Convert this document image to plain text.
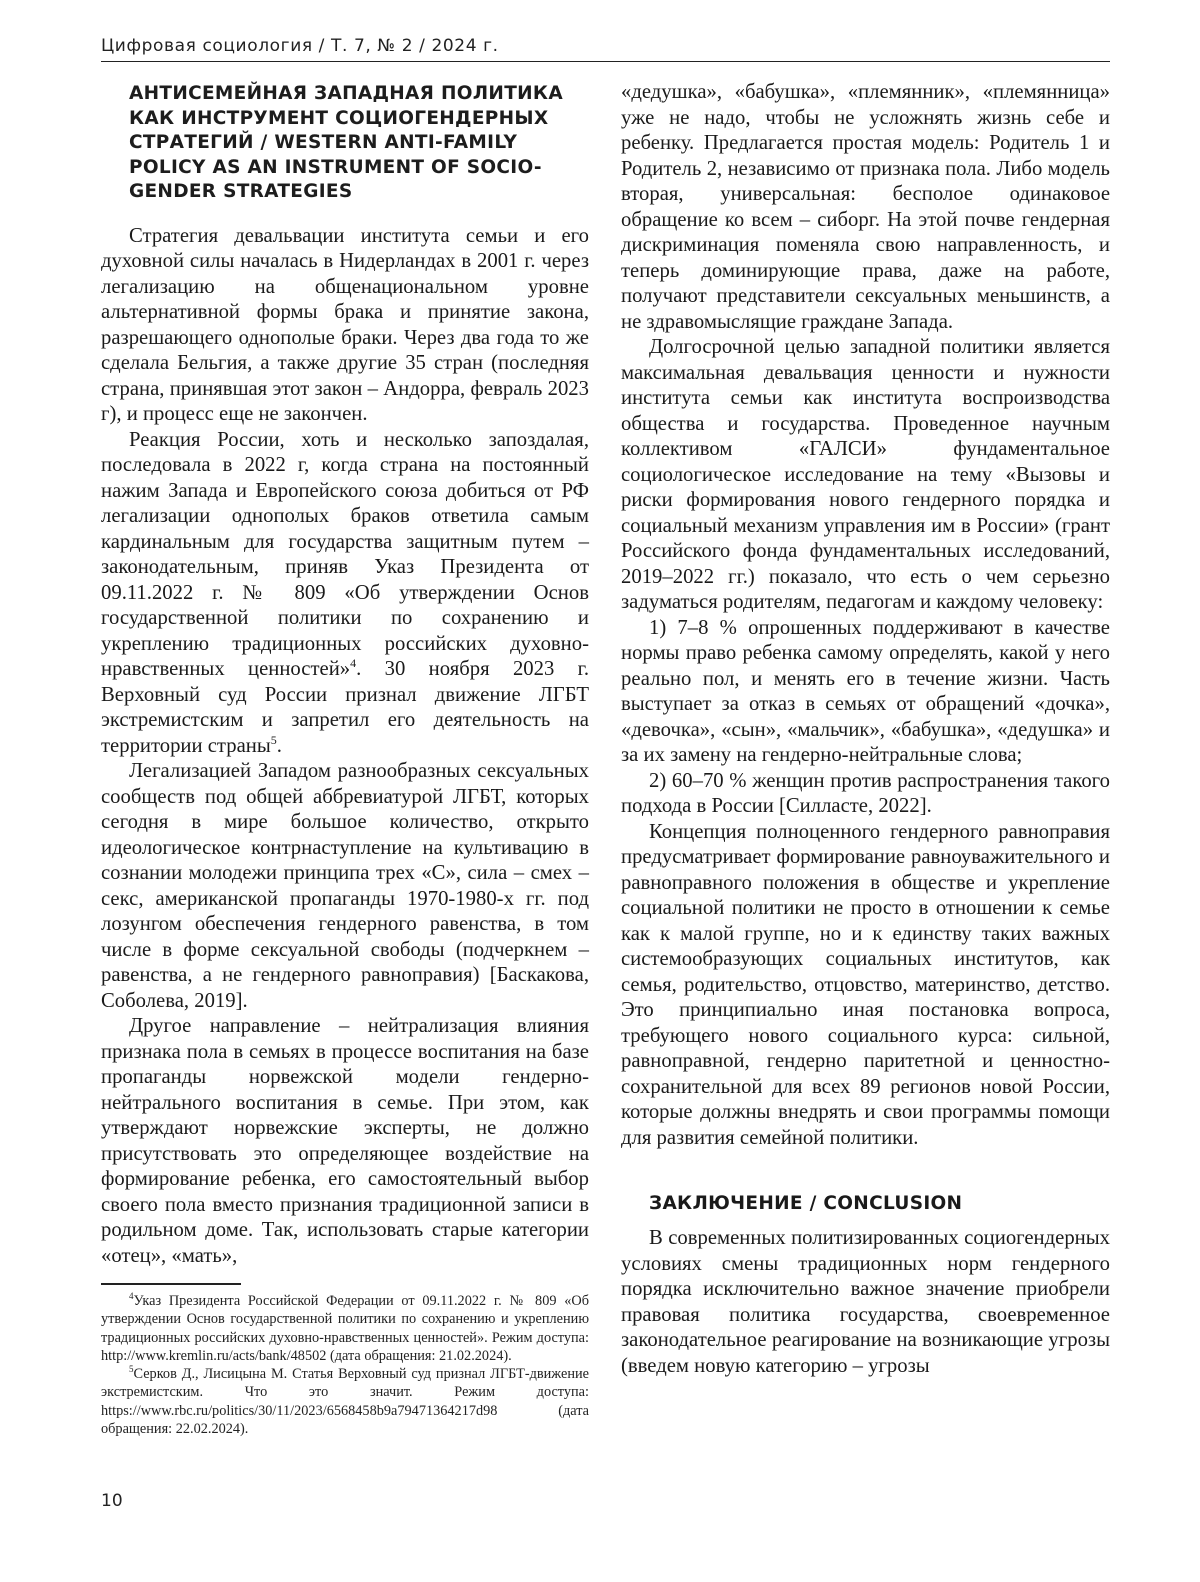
Цифровая социология / Т. 7, № 2 / 2024 г.
АНТИСЕМЕЙНАЯ ЗАПАДНАЯ ПОЛИТИКА КАК ИНСТРУМЕНТ СОЦИОГЕНДЕРНЫХ СТРАТЕГИЙ / WESTERN ANTI-FAMILY POLICY AS AN INSTRUMENT OF SOCIO-GENDER STRATEGIES

Стратегия девальвации института семьи и его духовной силы началась в Нидерландах в 2001 г. через легализацию на общенациональном уровне альтернативной формы брака и принятие закона, разрешающего однополые браки. Через два года то же сделала Бельгия, а также другие 35 стран (последняя страна, принявшая этот закон – Андорра, февраль 2023 г), и процесс еще не закончен.

Реакция России, хоть и несколько запоздалая, последовала в 2022 г, когда страна на постоянный нажим Запада и Европейского союза добиться от РФ легализации однополых браков ответила самым кардинальным для государства защитным путем – законодательным, приняв Указ Президента от 09.11.2022 г. № 809 «Об утверждении Основ государственной политики по сохранению и укреплению традиционных российских духовно-нравственных ценностей»$^4$. 30 ноября 2023 г. Верховный суд России признал движение ЛГБТ экстремистским и запретил его деятельность на территории страны$^5$.

Легализацией Западом разнообразных сексуальных сообществ под общей аббревиатурой ЛГБТ, которых сегодня в мире большое количество, открыто идеологическое контрнаступление на культивацию в сознании молодежи принципа трех «С», сила – смех – секс, американской пропаганды 1970-1980-х гг. под лозунгом обеспечения гендерного равенства, в том числе в форме сексуальной свободы (подчеркнем – равенства, а не гендерного равноправия) [Баскакова, Соболева, 2019].

Другое направление – нейтрализация влияния признака пола в семьях в процессе воспитания на базе пропаганды норвежской модели гендерно-нейтрального воспитания в семье. При этом, как утверждают норвежские эксперты, не должно присутствовать это определяющее воздействие на формирование ребенка, его самостоятельный выбор своего пола вместо признания традиционной записи в родильном доме. Так, использовать старые категории «отец», «мать»,

$^4$Указ Президента Российской Федерации от 09.11.2022 г. № 809 «Об утверждении Основ государственной политики по сохранению и укреплению традиционных российских духовно-нравственных ценностей». Режим доступа: http://www.kremlin.ru/acts/bank/48502 (дата обращения: 21.02.2024).

$^5$Серков Д., Лисицына М. Статья Верховный суд признал ЛГБТ-движение экстремистским. Что это значит. Режим доступа: https://www.rbc.ru/politics/30/11/2023/6568458b9a79471364217d98 (дата обращения: 22.02.2024).

«дедушка», «бабушка», «племянник», «племянница» уже не надо, чтобы не усложнять жизнь себе и ребенку. Предлагается простая модель: Родитель 1 и Родитель 2, независимо от признака пола. Либо модель вторая, универсальная: бесполое одинаковое обращение ко всем – сиборг. На этой почве гендерная дискриминация поменяла свою направленность, и теперь доминирующие права, даже на работе, получают представители сексуальных меньшинств, а не здравомыслящие граждане Запада.

Долгосрочной целью западной политики является максимальная девальвация ценности и нужности института семьи как института воспроизводства общества и государства. Проведенное научным коллективом «ГАЛСИ» фундаментальное социологическое исследование на тему «Вызовы и риски формирования нового гендерного порядка и социальный механизм управления им в России» (грант Российского фонда фундаментальных исследований, 2019–2022 гг.) показало, что есть о чем серьезно задуматься родителям, педагогам и каждому человеку:

1) 7–8 % опрошенных поддерживают в качестве нормы право ребенка самому определять, какой у него реально пол, и менять его в течение жизни. Часть выступает за отказ в семьях от обращений «дочка», «девочка», «сын», «мальчик», «бабушка», «дедушка» и за их замену на гендерно-нейтральные слова;

2) 60–70 % женщин против распространения такого подхода в России [Силласте, 2022].

Концепция полноценного гендерного равноправия предусматривает формирование равноуважительного и равноправного положения в обществе и укрепление социальной политики не просто в отношении к семье как к малой группе, но и к единству таких важных системообразующих социальных институтов, как семья, родительство, отцовство, материнство, детство. Это принципиально иная постановка вопроса, требующего нового социального курса: сильной, равноправной, гендерно паритетной и ценностно-сохранительной для всех 89 регионов новой России, которые должны внедрять и свои программы помощи для развития семейной политики.

ЗАКЛЮЧЕНИЕ / CONCLUSION

В современных политизированных социогендерных условиях смены традиционных норм гендерного порядка исключительно важное значение приобрели правовая политика государства, своевременное законодательное реагирование на возникающие угрозы (введем новую категорию – угрозы

10
